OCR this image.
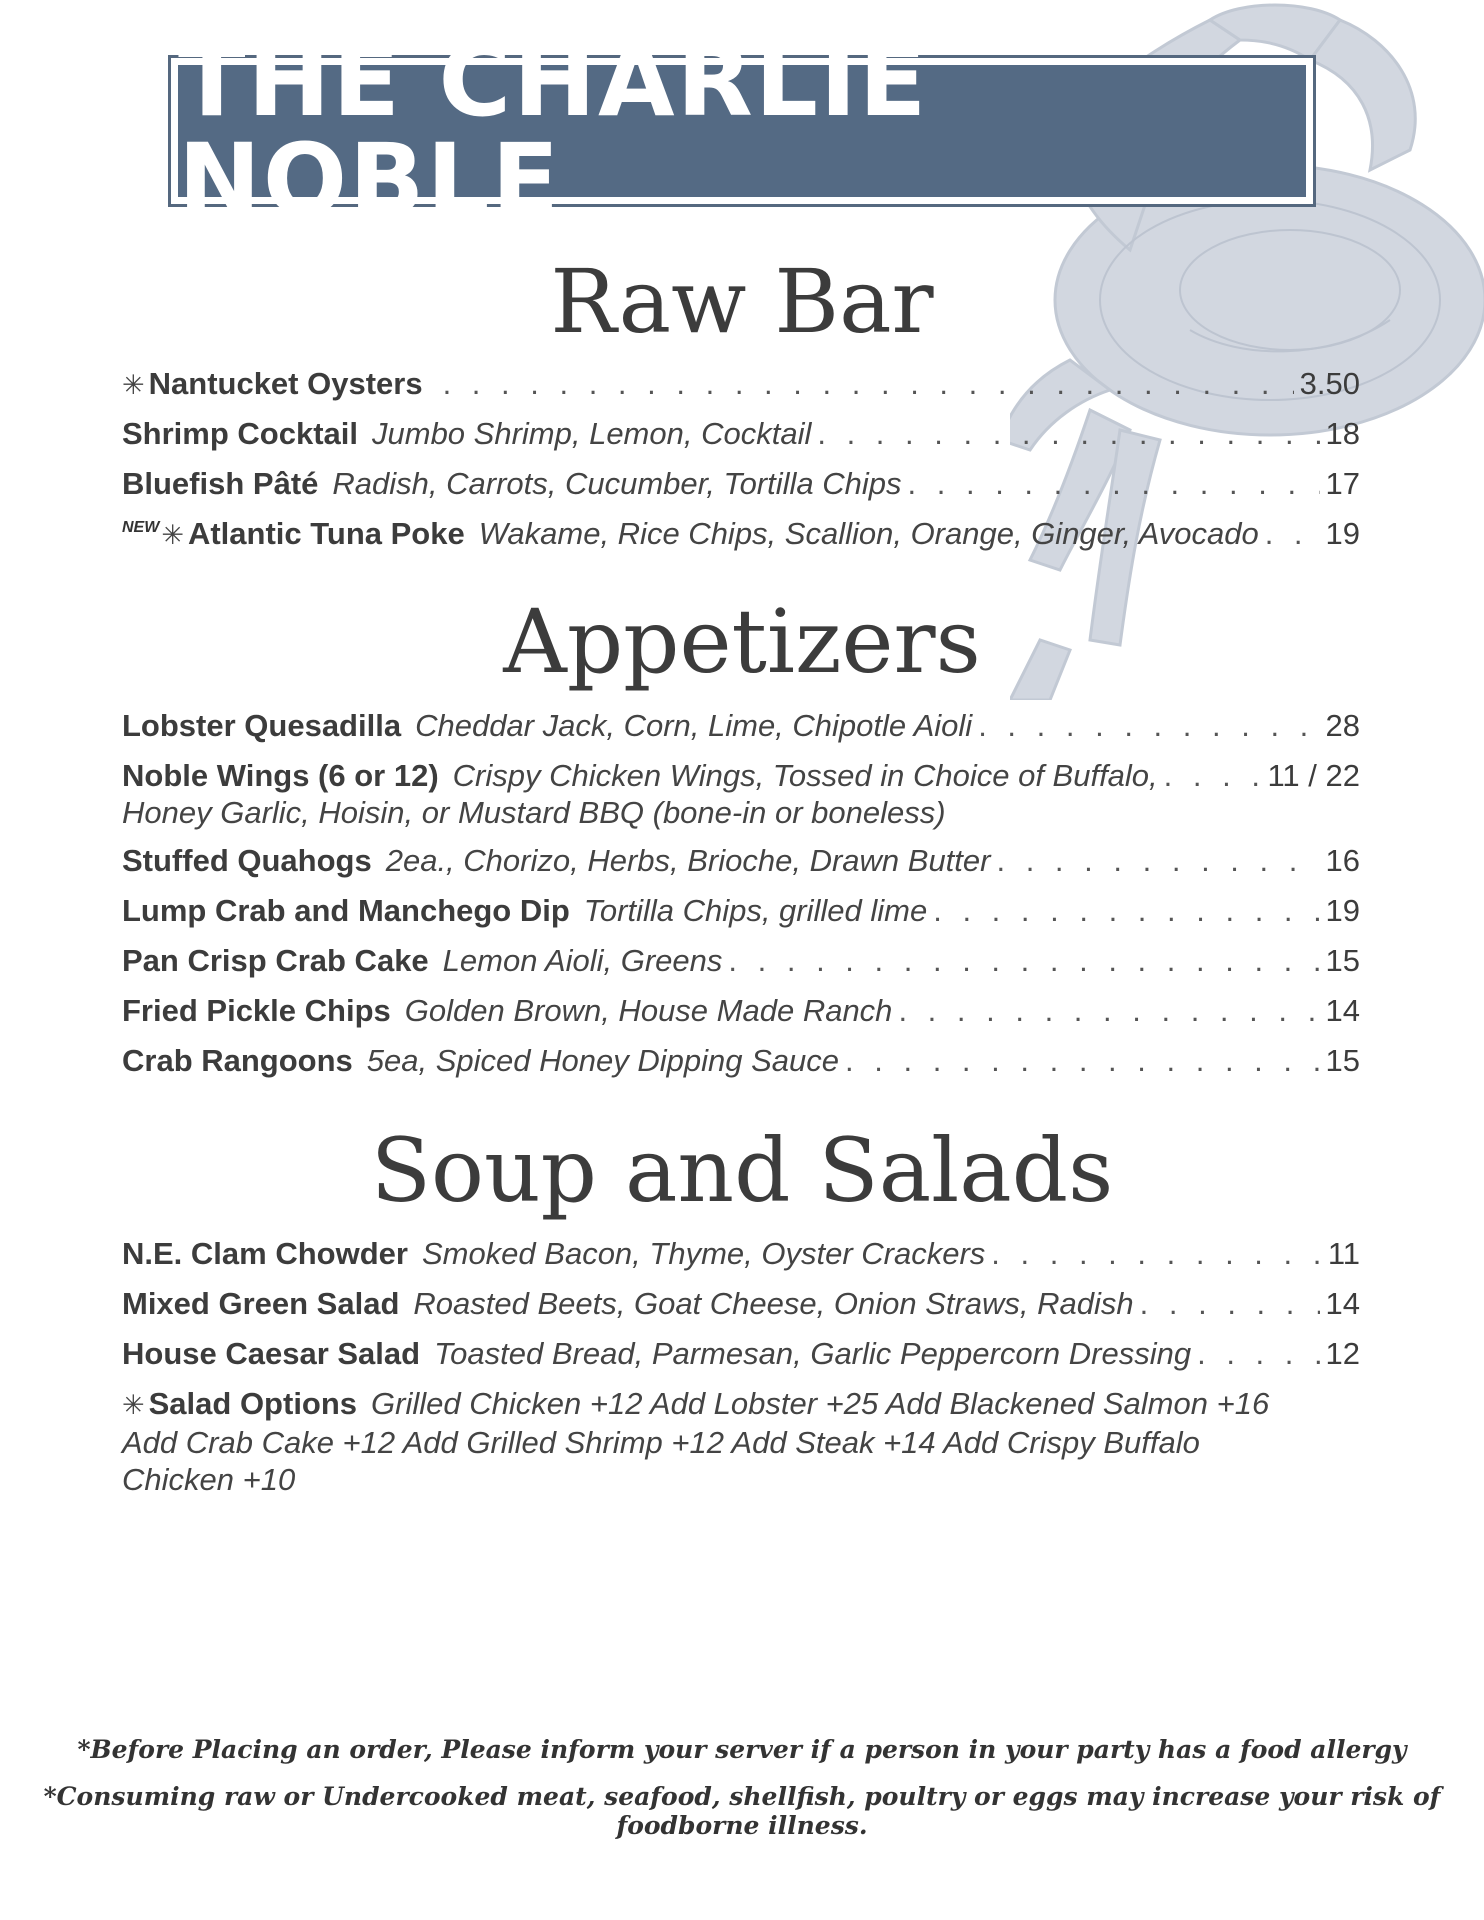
THE CHARLIE NOBLE
Raw Bar
✳ Nantucket Oysters . . .	3.50
Shrimp Cocktail Jumbo Shrimp, Lemon, Cocktail . . .	18
Bluefish Pâté Radish, Carrots, Cucumber, Tortilla Chips . . .	17
NEW ✳ Atlantic Tuna Poke Wakame, Rice Chips, Scallion, Orange, Ginger, Avocado . . . 19
Appetizers
Lobster Quesadilla Cheddar Jack, Corn, Lime, Chipotle Aioli . . .	28
Noble Wings (6 or 12) Crispy Chicken Wings, Tossed in Choice of Buffalo, . . .	11 / 22
Honey Garlic, Hoisin, or Mustard BBQ (bone-in or boneless)
Stuffed Quahogs 2ea., Chorizo, Herbs, Brioche, Drawn Butter . . .	16
Lump Crab and Manchego Dip Tortilla Chips, grilled lime . . .	19
Pan Crisp Crab Cake Lemon Aioli, Greens . . .	15
Fried Pickle Chips Golden Brown, House Made Ranch . . .	14
Crab Rangoons 5ea, Spiced Honey Dipping Sauce . . .	15
Soup and Salads
N.E. Clam Chowder Smoked Bacon, Thyme, Oyster Crackers . . .	11
Mixed Green Salad Roasted Beets, Goat Cheese, Onion Straws, Radish . . .	14
House Caesar Salad Toasted Bread, Parmesan, Garlic Peppercorn Dressing . . .	12
✳ Salad Options Grilled Chicken +12 Add Lobster +25 Add Blackened Salmon +16
Add Crab Cake +12 Add Grilled Shrimp +12 Add Steak +14 Add Crispy Buffalo
Chicken +10
*Before Placing an order, Please inform your server if a person in your party has a food allergy
*Consuming raw or Undercooked meat, seafood, shellfish, poultry or eggs may increase your risk of foodborne illness.
